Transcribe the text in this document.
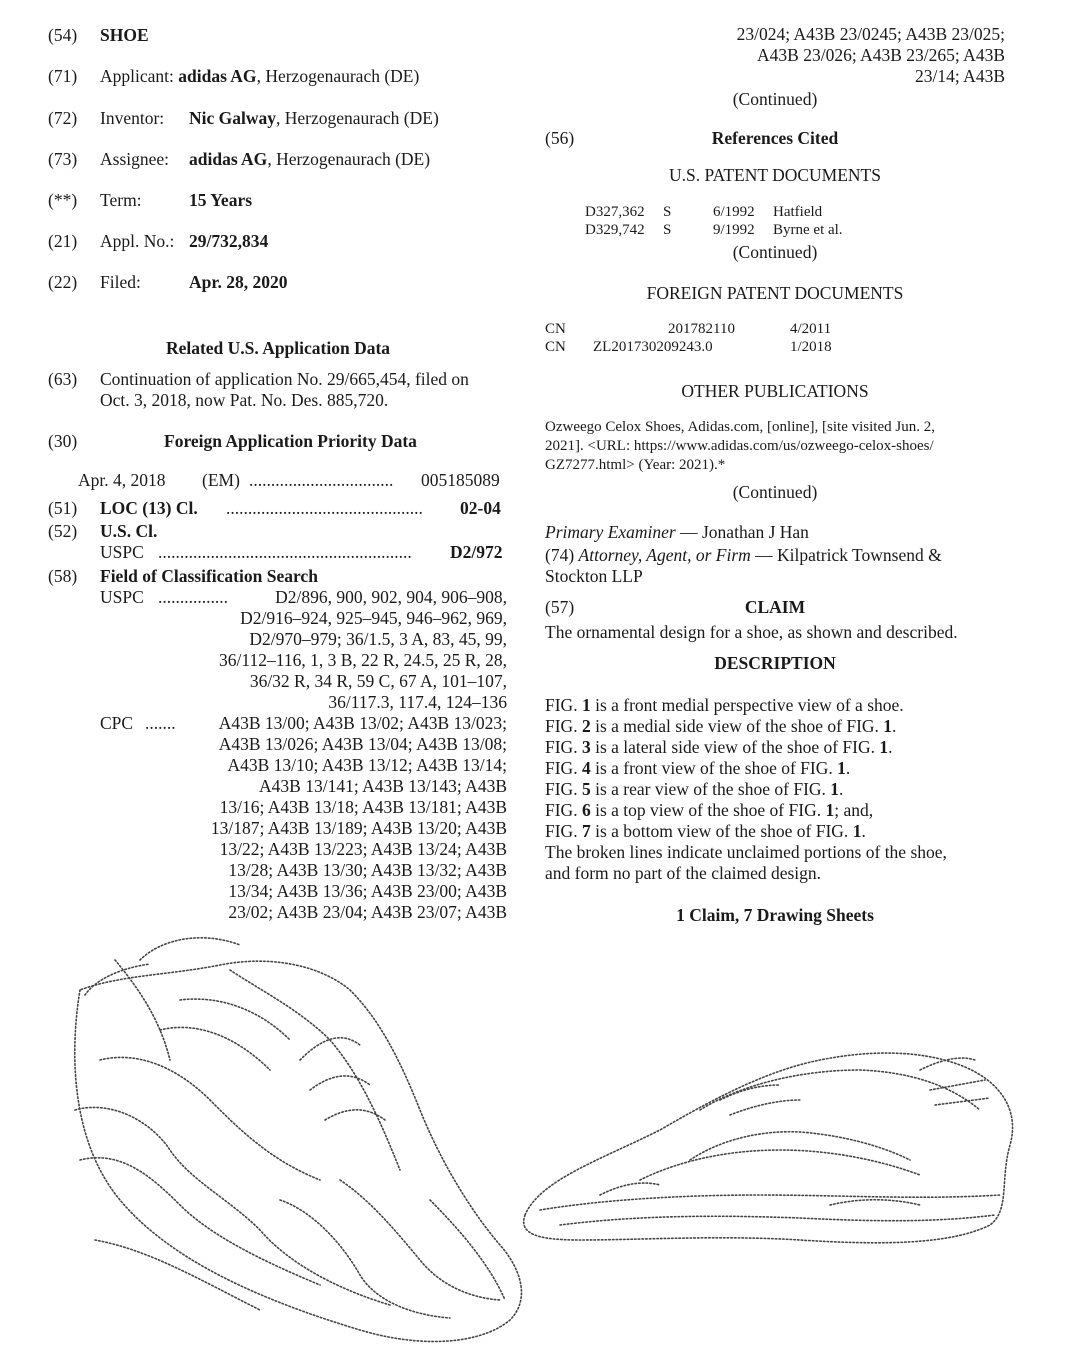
(54) SHOE
(71) Applicant: adidas AG, Herzogenaurach (DE)
(72) Inventor: Nic Galway, Herzogenaurach (DE)
(73) Assignee: adidas AG, Herzogenaurach (DE)
(**) Term:	15 Years
(21) Appl. No.: 29/732,834
(22) Filed:	Apr. 28, 2020
Related U.S. Application Data
(63) Continuation of application No. 29/665,454, filed on
Oct. 3, 2018, now Pat. No. Des. 885,720.
(30)	Foreign Application Priority Data
Apr. 4, 2018 (EM) .................................	005185089
(51) LOC (13) Cl. .............................................	02-04
(52) U.S. Cl.
USPC ..........................................................	D2/972
(58) Field of Classification Search
USPC ................	D2/896, 900, 902, 904, 906–908,
D2/916–924, 925–945, 946–962, 969,
D2/970–979; 36/1.5, 3 A, 83, 45, 99,
36/112–116, 1, 3 B, 22 R, 24.5, 25 R, 28,
36/32 R, 34 R, 59 C, 67 A, 101–107,
36/117.3, 117.4, 124–136
CPC .......	A43B 13/00; A43B 13/02; A43B 13/023;
A43B 13/026; A43B 13/04; A43B 13/08;
A43B 13/10; A43B 13/12; A43B 13/14;
A43B 13/141; A43B 13/143; A43B
13/16; A43B 13/18; A43B 13/181; A43B
13/187; A43B 13/189; A43B 13/20; A43B
13/22; A43B 13/223; A43B 13/24; A43B
13/28; A43B 13/30; A43B 13/32; A43B
13/34; A43B 13/36; A43B 23/00; A43B
23/02; A43B 23/04; A43B 23/07; A43B
23/024; A43B 23/0245; A43B 23/025;
A43B 23/026; A43B 23/265; A43B
23/14; A43B
(Continued)
(56)	References Cited
U.S. PATENT DOCUMENTS
D327,362 S	6/1992 Hatfield
D329,742 S	9/1992 Byrne et al.
(Continued)
FOREIGN PATENT DOCUMENTS
CN	201782110	4/2011
CN ZL201730209243.0	1/2018
OTHER PUBLICATIONS
Ozweego Celox Shoes, Adidas.com, [online], [site visited Jun. 2,
2021]. <URL: https://www.adidas.com/us/ozweego-celox-shoes/
GZ7277.html> (Year: 2021).*
(Continued)
Primary Examiner — Jonathan J Han
(74) Attorney, Agent, or Firm — Kilpatrick Townsend &
Stockton LLP
(57)	CLAIM
The ornamental design for a shoe, as shown and described.
DESCRIPTION
FIG. 1 is a front medial perspective view of a shoe.
FIG. 2 is a medial side view of the shoe of FIG. 1.
FIG. 3 is a lateral side view of the shoe of FIG. 1.
FIG. 4 is a front view of the shoe of FIG. 1.
FIG. 5 is a rear view of the shoe of FIG. 1.
FIG. 6 is a top view of the shoe of FIG. 1; and,
FIG. 7 is a bottom view of the shoe of FIG. 1.
The broken lines indicate unclaimed portions of the shoe,
and form no part of the claimed design.
1 Claim, 7 Drawing Sheets
